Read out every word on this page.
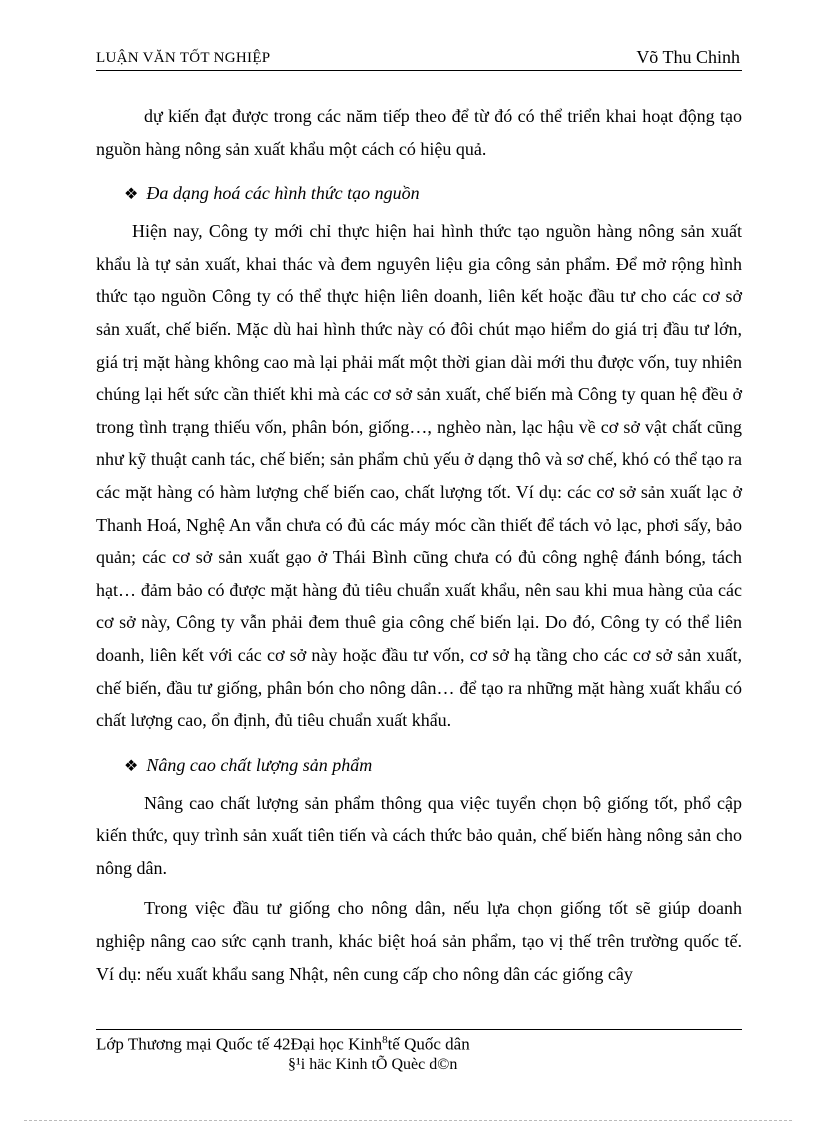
LUẬN VĂN TỐT NGHIỆP	Võ Thu Chinh

dự kiến đạt được trong các năm tiếp theo để từ đó có thể triển khai hoạt động tạo nguồn hàng nông sản xuất khẩu một cách có hiệu quả.

❖ Đa dạng hoá các hình thức tạo nguồn

Hiện nay, Công ty mới chỉ thực hiện hai hình thức tạo nguồn hàng nông sản xuất khẩu là tự sản xuất, khai thác và đem nguyên liệu gia công sản phẩm. Để mở rộng hình thức tạo nguồn Công ty có thể thực hiện liên doanh, liên kết hoặc đầu tư cho các cơ sở sản xuất, chế biến. Mặc dù hai hình thức này có đôi chút mạo hiểm do giá trị đầu tư lớn, giá trị mặt hàng không cao mà lại phải mất một thời gian dài mới thu được vốn, tuy nhiên chúng lại hết sức cần thiết khi mà các cơ sở sản xuất, chế biến mà Công ty quan hệ đều ở trong tình trạng thiếu vốn, phân bón, giống…, nghèo nàn, lạc hậu về cơ sở vật chất cũng như kỹ thuật canh tác, chế biến; sản phẩm chủ yếu ở dạng thô và sơ chế, khó có thể tạo ra các mặt hàng có hàm lượng chế biến cao, chất lượng tốt. Ví dụ: các cơ sở sản xuất lạc ở Thanh Hoá, Nghệ An vẫn chưa có đủ các máy móc cần thiết để tách vỏ lạc, phơi sấy, bảo quản; các cơ sở sản xuất gạo ở Thái Bình cũng chưa có đủ công nghệ đánh bóng, tách hạt… đảm bảo có được mặt hàng đủ tiêu chuẩn xuất khẩu, nên sau khi mua hàng của các cơ sở này, Công ty vẫn phải đem thuê gia công chế biến lại. Do đó, Công ty có thể liên doanh, liên kết với các cơ sở này hoặc đầu tư vốn, cơ sở hạ tầng cho các cơ sở sản xuất, chế biến, đầu tư giống, phân bón cho nông dân… để tạo ra những mặt hàng xuất khẩu có chất lượng cao, ổn định, đủ tiêu chuẩn xuất khẩu.

❖ Nâng cao chất lượng sản phẩm

Nâng cao chất lượng sản phẩm thông qua việc tuyển chọn bộ giống tốt, phổ cập kiến thức, quy trình sản xuất tiên tiến và cách thức bảo quản, chế biến hàng nông sản cho nông dân.

Trong việc đầu tư giống cho nông dân, nếu lựa chọn giống tốt sẽ giúp doanh nghiệp nâng cao sức cạnh tranh, khác biệt hoá sản phẩm, tạo vị thế trên trường quốc tế. Ví dụ: nếu xuất khẩu sang Nhật, nên cung cấp cho nông dân các giống cây

Lớp Thương mại Quốc tế 42Đại học Kinh$^8$tế Quốc dân
§¹i häc Kinh tÕ Quèc d©n
